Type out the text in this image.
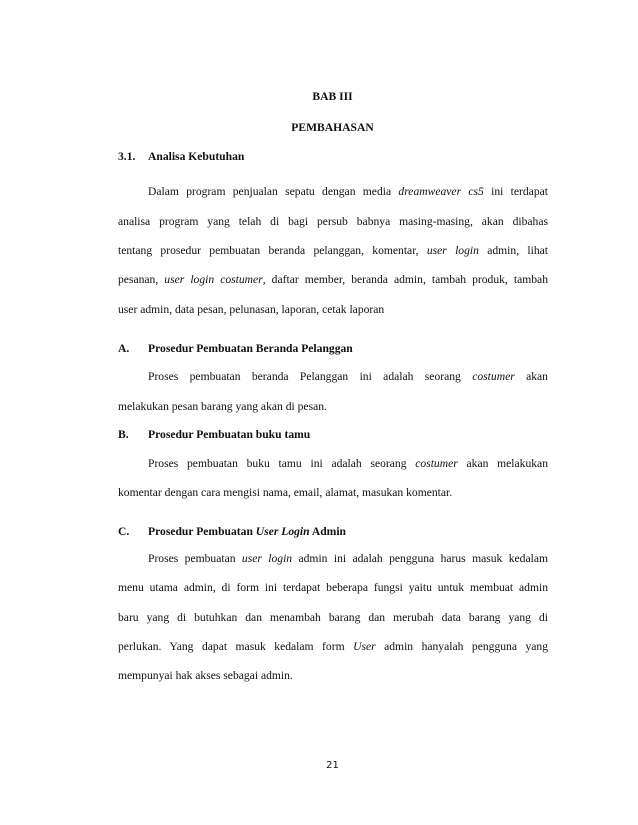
BAB III
PEMBAHASAN
3.1. Analisa Kebutuhan
Dalam program penjualan sepatu dengan media dreamweaver cs5 ini terdapat
analisa program yang telah di bagi persub babnya masing-masing, akan dibahas
tentang prosedur pembuatan beranda pelanggan, komentar, user login admin, lihat
pesanan, user login costumer, daftar member, beranda admin, tambah produk, tambah
user admin, data pesan, pelunasan, laporan, cetak laporan
A. Prosedur Pembuatan Beranda Pelanggan
Proses pembuatan beranda Pelanggan ini adalah seorang costumer akan
melakukan pesan barang yang akan di pesan.
B. Prosedur Pembuatan buku tamu
Proses pembuatan buku tamu ini adalah seorang costumer akan melakukan
komentar dengan cara mengisi nama, email, alamat, masukan komentar.
C. Prosedur Pembuatan User Login Admin
Proses pembuatan user login admin ini adalah pengguna harus masuk kedalam
menu utama admin, di form ini terdapat beberapa fungsi yaitu untuk membuat admin
baru yang di butuhkan dan menambah barang dan merubah data barang yang di
perlukan. Yang dapat masuk kedalam form User admin hanyalah pengguna yang
mempunyai hak akses sebagai admin.
21
